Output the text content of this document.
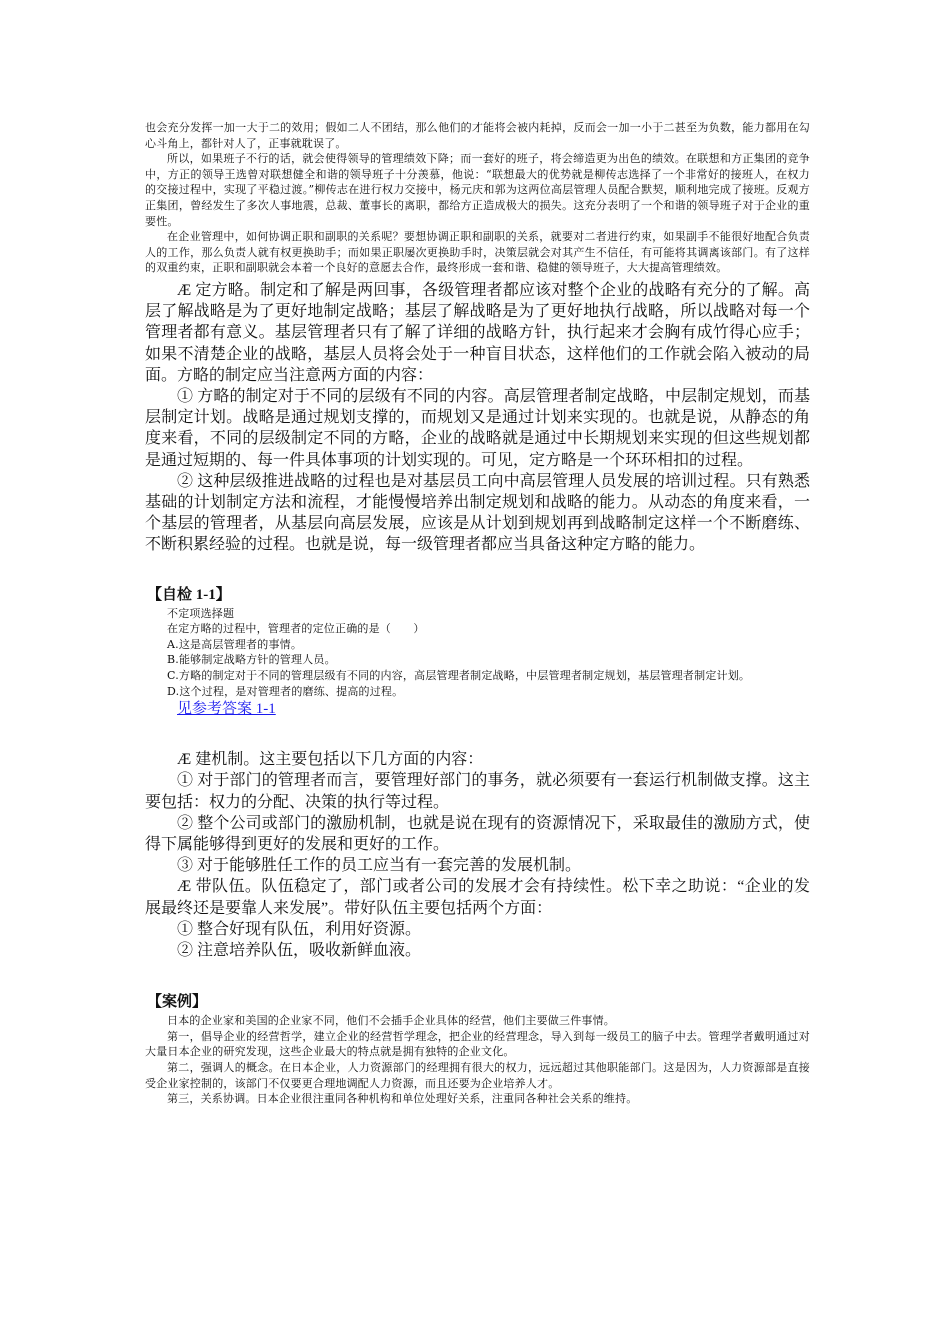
也会充分发挥一加一大于二的效用；假如二人不团结，那么他们的才能将会被内耗掉，反而会一加一小于二甚至为负数，能力都用在勾心斗角上，都针对人了，正事就耽误了。

所以，如果班子不行的话，就会使得领导的管理绩效下降；而一套好的班子，将会缔造更为出色的绩效。在联想和方正集团的竞争中，方正的领导王选曾对联想健全和谐的领导班子十分羡慕，他说：“联想最大的优势就是柳传志选择了一个非常好的接班人，在权力的交接过程中，实现了平稳过渡。”柳传志在进行权力交接中，杨元庆和郭为这两位高层管理人员配合默契，顺利地完成了接班。反观方正集团，曾经发生了多次人事地震，总裁、董事长的离职，都给方正造成极大的损失。这充分表明了一个和谐的领导班子对于企业的重要性。

在企业管理中，如何协调正职和副职的关系呢？要想协调正职和副职的关系，就要对二者进行约束，如果副手不能很好地配合负责人的工作，那么负责人就有权更换助手；而如果正职屡次更换助手时，决策层就会对其产生不信任，有可能将其调离该部门。有了这样的双重约束，正职和副职就会本着一个良好的意愿去合作，最终形成一套和谐、稳健的领导班子，大大提高管理绩效。

Æ 定方略。制定和了解是两回事，各级管理者都应该对整个企业的战略有充分的了解。高层了解战略是为了更好地制定战略；基层了解战略是为了更好地执行战略，所以战略对每一个管理者都有意义。基层管理者只有了解了详细的战略方针，执行起来才会胸有成竹得心应手；如果不清楚企业的战略，基层人员将会处于一种盲目状态，这样他们的工作就会陷入被动的局面。方略的制定应当注意两方面的内容：

① 方略的制定对于不同的层级有不同的内容。高层管理者制定战略，中层制定规划，而基层制定计划。战略是通过规划支撑的，而规划又是通过计划来实现的。也就是说，从静态的角度来看，不同的层级制定不同的方略，企业的战略就是通过中长期规划来实现的但这些规划都是通过短期的、每一件具体事项的计划实现的。可见，定方略是一个环环相扣的过程。

② 这种层级推进战略的过程也是对基层员工向中高层管理人员发展的培训过程。只有熟悉基础的计划制定方法和流程，才能慢慢培养出制定规划和战略的能力。从动态的角度来看，一个基层的管理者，从基层向高层发展，应该是从计划到规划再到战略制定这样一个不断磨练、不断积累经验的过程。也就是说，每一级管理者都应当具备这种定方略的能力。

【自检 1-1】

不定项选择题

在定方略的过程中，管理者的定位正确的是（　　）

A.这是高层管理者的事情。

B.能够制定战略方针的管理人员。

C.方略的制定对于不同的管理层级有不同的内容，高层管理者制定战略，中层管理者制定规划，基层管理者制定计划。

D.这个过程，是对管理者的磨练、提高的过程。

见参考答案 1-1

Æ 建机制。这主要包括以下几方面的内容：

① 对于部门的管理者而言，要管理好部门的事务，就必须要有一套运行机制做支撑。这主要包括：权力的分配、决策的执行等过程。

② 整个公司或部门的激励机制，也就是说在现有的资源情况下，采取最佳的激励方式，使得下属能够得到更好的发展和更好的工作。

③ 对于能够胜任工作的员工应当有一套完善的发展机制。

Æ 带队伍。队伍稳定了，部门或者公司的发展才会有持续性。松下幸之助说：“企业的发展最终还是要靠人来发展”。带好队伍主要包括两个方面：

① 整合好现有队伍，利用好资源。

② 注意培养队伍，吸收新鲜血液。

【案例】

日本的企业家和美国的企业家不同，他们不会插手企业具体的经营，他们主要做三件事情。

第一，倡导企业的经营哲学，建立企业的经营哲学理念，把企业的经营理念，导入到每一级员工的脑子中去。管理学者戴明通过对大量日本企业的研究发现，这些企业最大的特点就是拥有独特的企业文化。

第二，强调人的概念。在日本企业，人力资源部门的经理拥有很大的权力，远远超过其他职能部门。这是因为，人力资源部是直接受企业家控制的，该部门不仅要更合理地调配人力资源，而且还要为企业培养人才。

第三，关系协调。日本企业很注重同各种机构和单位处理好关系，注重同各种社会关系的维持。
